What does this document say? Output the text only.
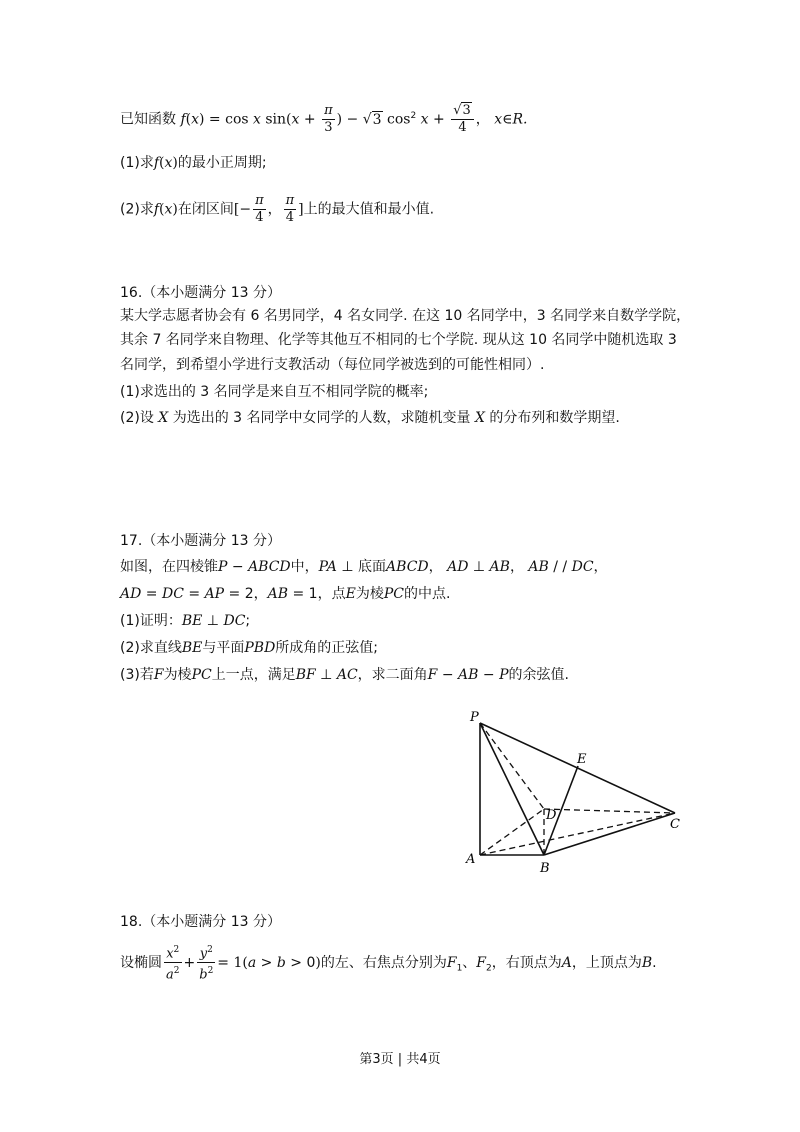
已知函数 f(x) = cos x $\sin(x + \frac{\pi}{3}$ ) − √3 $\cos^2 x + \frac{√3}{4}$ ， x∈R.
(1)求f(x)的最小正周期;
(2)求f(x)在闭区间[− $\frac{\pi}{4}$ ， $\frac{\pi}{4}$ ]上的最大值和最小值.
16.（本小题满分 13 分）
某大学志愿者协会有 6 名男同学，4 名女同学. 在这 10 名同学中，3 名同学来自数学学院，
其余 7 名同学来自物理、化学等其他互不相同的七个学院. 现从这 10 名同学中随机选取 3
名同学，到希望小学进行支教活动（每位同学被选到的可能性相同）.
(1)求选出的 3 名同学是来自互不相同学院的概率;
(2)设 X 为选出的 3 名同学中女同学的人数，求随机变量 X 的分布列和数学期望.
17.（本小题满分 13 分）
如图，在四棱锥P − ABCD中，PA ⊥ 底面ABCD， AD ⊥ AB， AB / / DC，
AD = DC = AP = 2，AB = 1，点E为棱PC的中点.
(1)证明：BE ⊥ DC;
(2)求直线BE与平面PBD所成角的正弦值;
(3)若F为棱PC上一点，满足BF ⊥ AC，求二面角F − AB − P的余弦值.
P
E
D
C
A
B
18.（本小题满分 13 分）
设椭圆 $\frac{x^2}{a^2} + \frac{y^2}{b^2} = 1(a > b > 0)$的左、右焦点分别为$F_1$、$F_2$，右顶点为A，上顶点为B.
第3页 | 共4页
